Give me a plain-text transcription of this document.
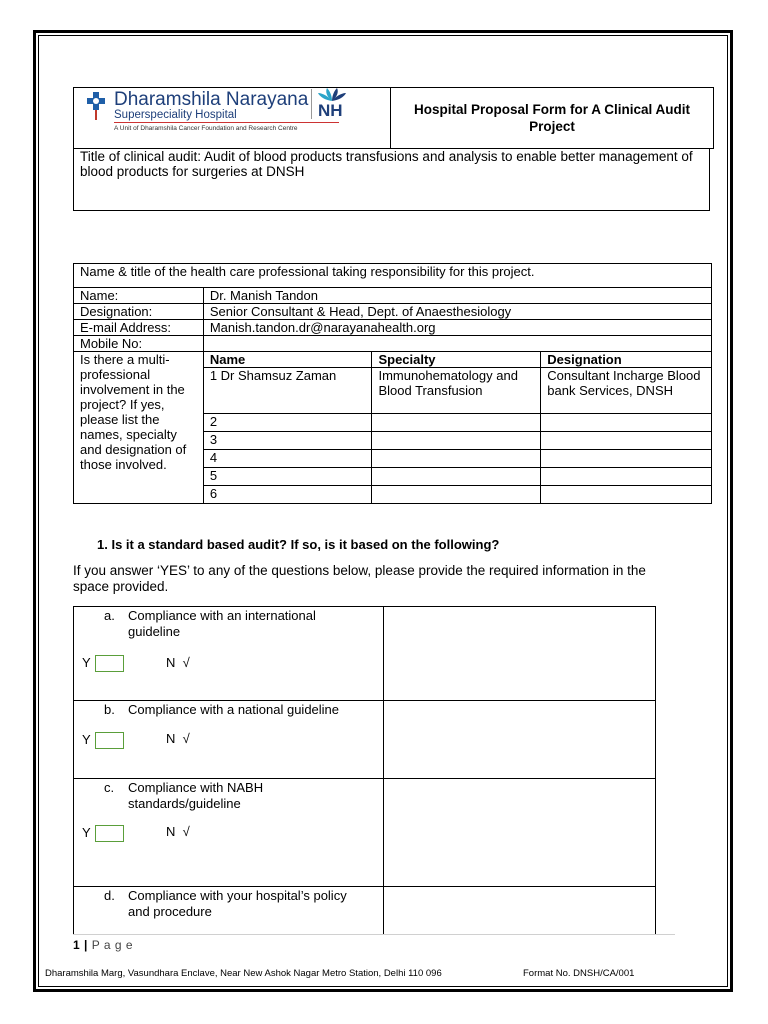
Dharamshila Narayana
Superspeciality Hospital
A Unit of Dharamshila Cancer Foundation and Research Centre
NH	Hospital Proposal Form for A Clinical Audit Project
Title of clinical audit: Audit of blood products transfusions and analysis to enable better management of blood products for surgeries at DNSH
Name & title of the health care professional taking responsibility for this project.			
Name:	Dr. Manish Tandon		
Designation:	Senior Consultant & Head, Dept. of Anaesthesiology		
E-mail Address:	Manish.tandon.dr@narayanahealth.org		
Mobile No:			
Is there a multi-professional involvement in the project? If yes, please list the names, specialty and designation of those involved.	Name	Specialty	Designation
	1 Dr Shamsuz Zaman	Immunohematology and Blood Transfusion	Consultant Incharge Blood bank Services, DNSH
	2		
	3		
	4		
	5		
	6		
1. Is it a standard based audit? If so, is it based on the following?
If you answer ‘YES’ to any of the questions below, please provide the required information in the space provided.
a. Compliance with an international guideline
Y N √	

b. Compliance with a national guideline
Y N √	

c. Compliance with NABH standards/guideline
Y N √	

d. Compliance with your hospital’s policy and procedure	

1 | P a g e
Dharamshila Marg, Vasundhara Enclave, Near New Ashok Nagar Metro Station, Delhi 110 096	Format No. DNSH/CA/001
